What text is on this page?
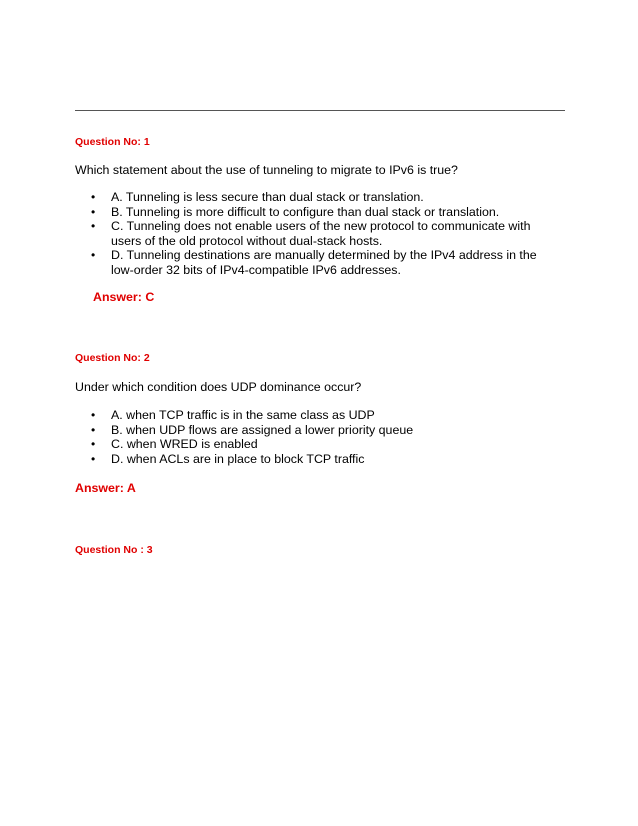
Question No: 1
Which statement about the use of tunneling to migrate to IPv6 is true?
• A. Tunneling is less secure than dual stack or translation.
• B. Tunneling is more difficult to configure than dual stack or translation.
• C. Tunneling does not enable users of the new protocol to communicate with users of the old protocol without dual-stack hosts.
• D. Tunneling destinations are manually determined by the IPv4 address in the low-order 32 bits of IPv4-compatible IPv6 addresses.
Answer: C
Question No: 2
Under which condition does UDP dominance occur?
• A. when TCP traffic is in the same class as UDP
• B. when UDP flows are assigned a lower priority queue
• C. when WRED is enabled
• D. when ACLs are in place to block TCP traffic
Answer: A
Question No : 3
